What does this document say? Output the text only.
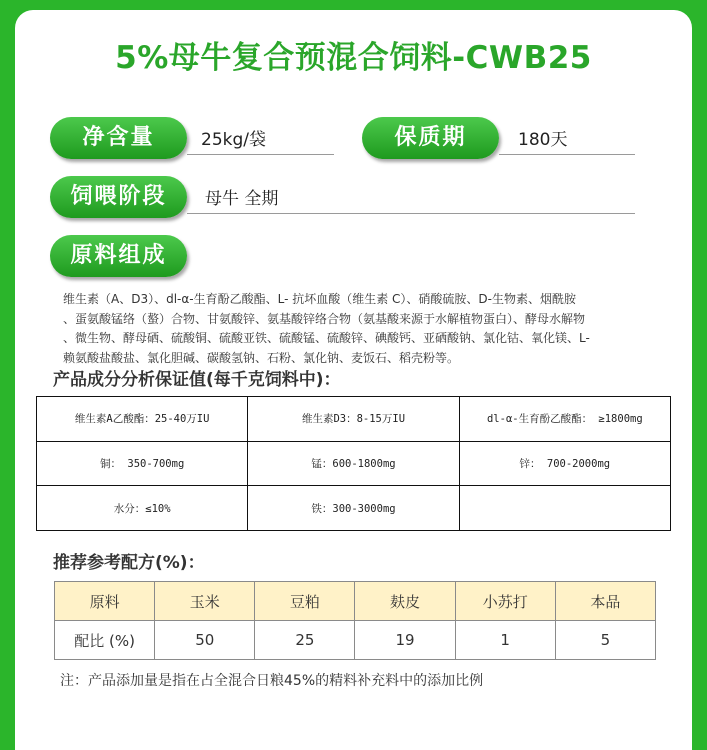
5%母牛复合预混合饲料-CWB25
净含量	25kg/袋	保质期	180天
饲喂阶段	母牛 全期
原料组成
维生素（A、D3）、dl-α-生育酚乙酸酯、L- 抗坏血酸（维生素 C）、硝酸硫胺、D-生物素、烟酰胺
、蛋氨酸锰络（螯）合物、甘氨酸锌、氨基酸锌络合物（氨基酸来源于水解植物蛋白）、酵母水解物
、微生物、酵母硒、硫酸铜、硫酸亚铁、硫酸锰、硫酸锌、碘酸钙、亚硒酸钠、氯化钴、氧化镁、L-
赖氨酸盐酸盐、氯化胆碱、碳酸氢钠、石粉、氯化钠、麦饭石、稻壳粉等。
产品成分分析保证值(每千克饲料中)：
维生素A乙酸酯：25-40万IU	维生素D3：8-15万IU	dl-α-生育酚乙酸酯： ≥1800mg
铜： 350-700mg	锰：600-1800mg	锌： 700-2000mg
水分：≤10%	铁：300-3000mg	
推荐参考配方(%)：
原料	玉米	豆粕	麸皮	小苏打	本品
配比 (%)	50	25	19	1	5
注：产品添加量是指在占全混合日粮45%的精料补充料中的添加比例
